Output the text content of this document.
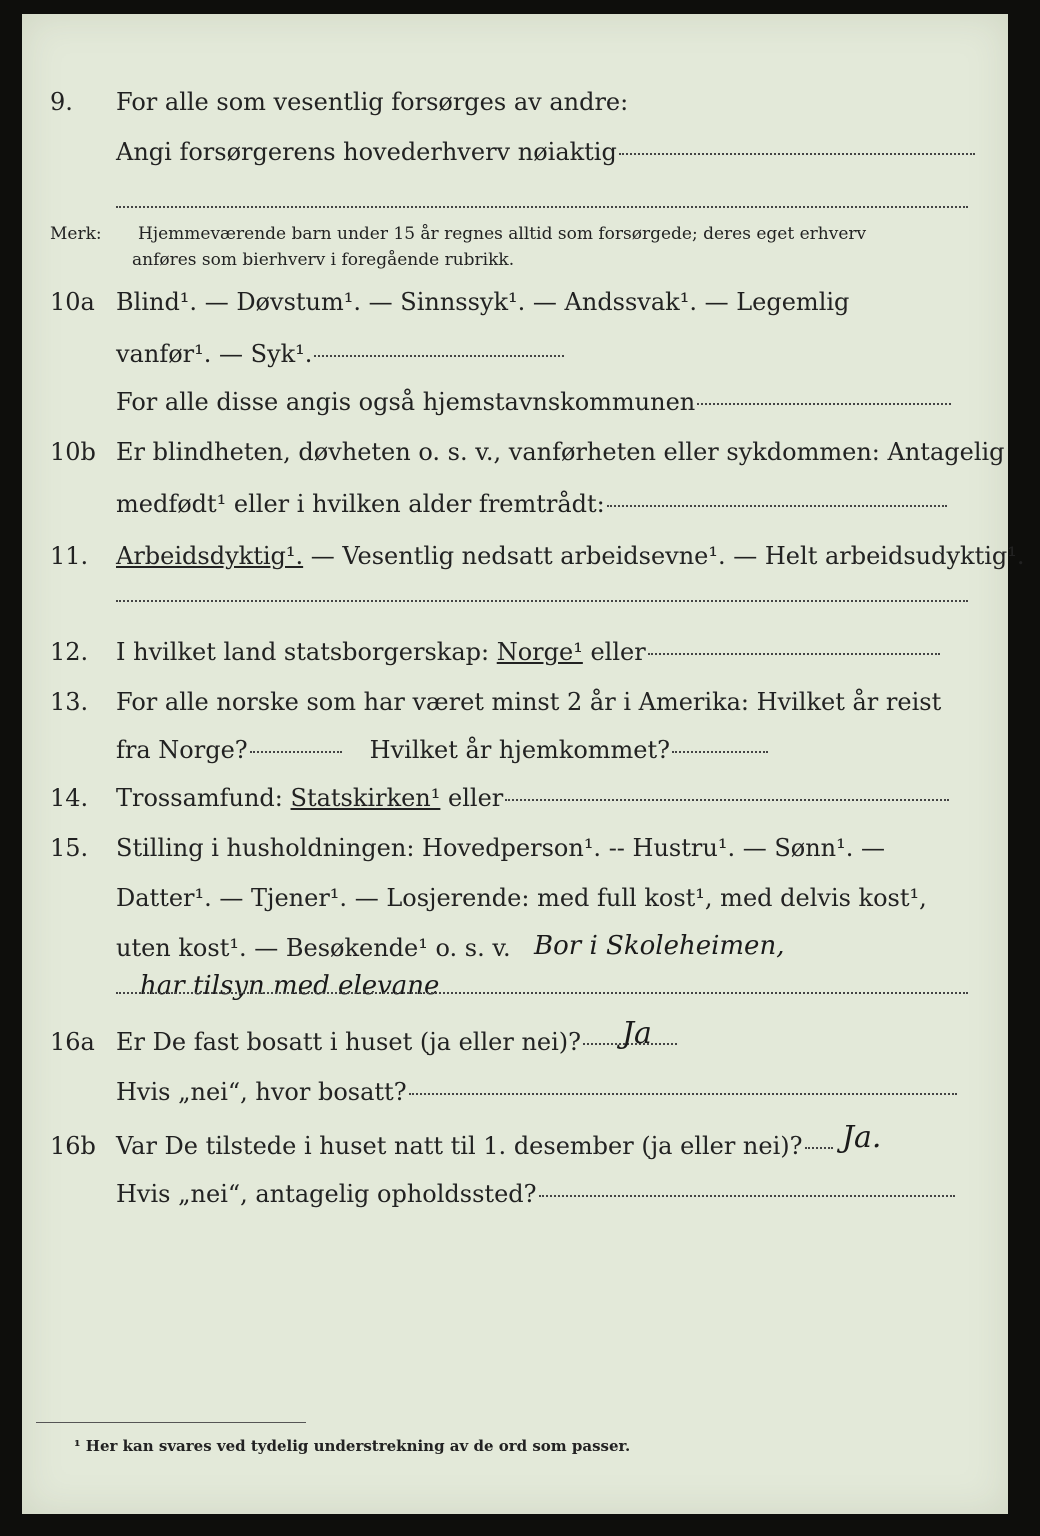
9. For alle som vesentlig forsørges av andre:
Angi forsørgerens hovederhverv nøiaktig
Merk: Hjemmeværende barn under 15 år regnes alltid som forsørgede; deres eget erhverv
anføres som bierhverv i foregående rubrikk.
10a Blind¹. — Døvstum¹. — Sinnssyk¹. — Andssvak¹. — Legemlig
vanfør¹. — Syk¹.
For alle disse angis også hjemstavnskommunen
10b Er blindheten, døvheten o. s. v., vanførheten eller sykdommen: Antagelig
medfødt¹ eller i hvilken alder fremtrådt:
11. Arbeidsdyktig¹. — Vesentlig nedsatt arbeidsevne¹. — Helt arbeidsudyktig¹.
12. I hvilket land statsborgerskap: Norge¹ eller
13. For alle norske som har været minst 2 år i Amerika: Hvilket år reist
fra Norge?	Hvilket år hjemkommet?
14. Trossamfund: Statskirken¹ eller
15. Stilling i husholdningen: Hovedperson¹. -- Hustru¹. — Sønn¹. —
Datter¹. — Tjener¹. — Losjerende: med full kost¹, med delvis kost¹,
uten kost¹. — Besøkende¹ o. s. v. Bor i Skoleheimen,
har tilsyn med elevane
16a Er De fast bosatt i huset (ja eller nei)?	Ja
Hvis „nei“, hvor bosatt?
16b Var De tilstede i huset natt til 1. desember (ja eller nei)?	Ja.
Hvis „nei“, antagelig opholdssted?
¹ Her kan svares ved tydelig understrekning av de ord som passer.
